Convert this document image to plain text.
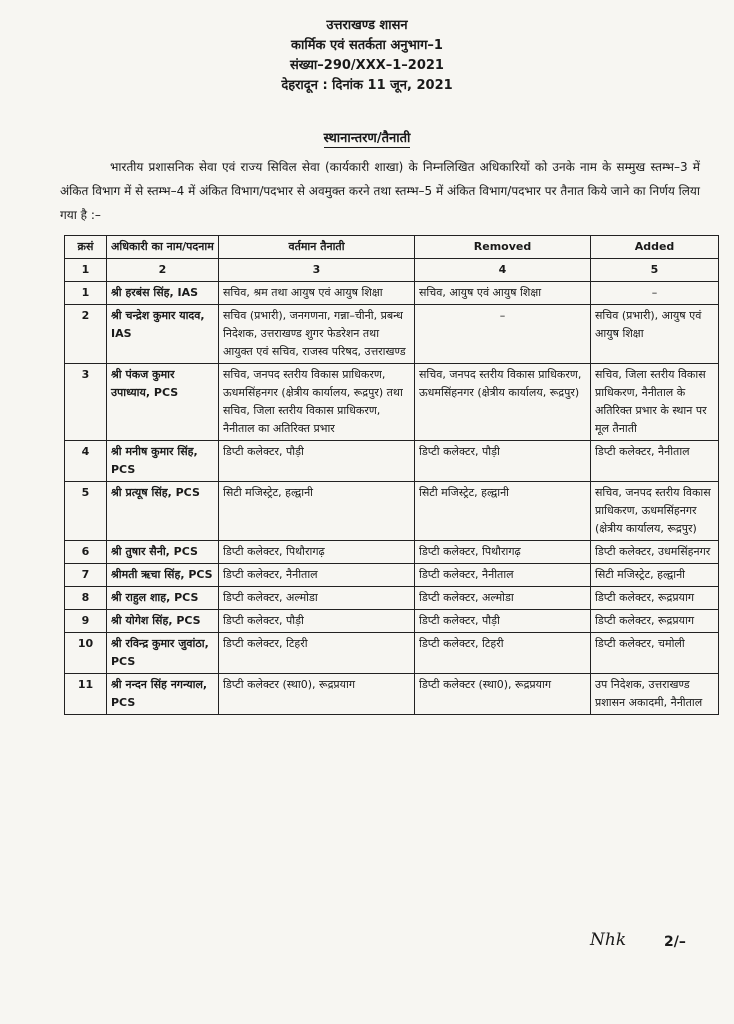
उत्तराखण्ड शासन
कार्मिक एवं सतर्कता अनुभाग–1
संख्या–290/XXX–1–2021
देहरादून : दिनांक 11 जून, 2021
स्थानान्तरण/तैनाती
भारतीय प्रशासनिक सेवा एवं राज्य सिविल सेवा (कार्यकारी शाखा) के निम्नलिखित अधिकारियों को उनके नाम के सम्मुख स्तम्भ–3 में अंकित विभाग में से स्तम्भ–4 में अंकित विभाग/पदभार से अवमुक्त करने तथा स्तम्भ–5 में अंकित विभाग/पदभार पर तैनात किये जाने का निर्णय लिया गया है :–
क्रसं	अधिकारी का नाम/पदनाम	वर्तमान तैनाती	Removed	Added
1	2	3	4	5
1	श्री हरबंस सिंह, IAS	सचिव, श्रम तथा आयुष एवं आयुष शिक्षा	सचिव, आयुष एवं आयुष शिक्षा	–
2	श्री चन्द्रेश कुमार यादव, IAS	सचिव (प्रभारी), जनगणना, गन्ना–चीनी, प्रबन्ध निदेशक, उत्तराखण्ड शुगर फेडरेशन तथा आयुक्त एवं सचिव, राजस्व परिषद, उत्तराखण्ड	–	सचिव (प्रभारी), आयुष एवं आयुष शिक्षा
3	श्री पंकज कुमार उपाध्याय, PCS	सचिव, जनपद स्तरीय विकास प्राधिकरण, ऊधमसिंहनगर (क्षेत्रीय कार्यालय, रूद्रपुर) तथा सचिव, जिला स्तरीय विकास प्राधिकरण, नैनीताल का अतिरिक्त प्रभार	सचिव, जनपद स्तरीय विकास प्राधिकरण, ऊधमसिंहनगर (क्षेत्रीय कार्यालय, रूद्रपुर)	सचिव, जिला स्तरीय विकास प्राधिकरण, नैनीताल के अतिरिक्त प्रभार के स्थान पर मूल तैनाती
4	श्री मनीष कुमार सिंह, PCS	डिप्टी कलेक्टर, पौड़ी	डिप्टी कलेक्टर, पौड़ी	डिप्टी कलेक्टर, नैनीताल
5	श्री प्रत्यूष सिंह, PCS	सिटी मजिस्ट्रेट, हल्द्वानी	सिटी मजिस्ट्रेट, हल्द्वानी	सचिव, जनपद स्तरीय विकास प्राधिकरण, ऊधमसिंहनगर (क्षेत्रीय कार्यालय, रूद्रपुर)
6	श्री तुषार सैनी, PCS	डिप्टी कलेक्टर, पिथौरागढ़	डिप्टी कलेक्टर, पिथौरागढ़	डिप्टी कलेक्टर, उधमसिंहनगर
7	श्रीमती ऋचा सिंह, PCS	डिप्टी कलेक्टर, नैनीताल	डिप्टी कलेक्टर, नैनीताल	सिटी मजिस्ट्रेट, हल्द्वानी
8	श्री राहुल शाह, PCS	डिप्टी कलेक्टर, अल्मोडा	डिप्टी कलेक्टर, अल्मोडा	डिप्टी कलेक्टर, रूद्रप्रयाग
9	श्री योगेश सिंह, PCS	डिप्टी कलेक्टर, पौड़ी	डिप्टी कलेक्टर, पौड़ी	डिप्टी कलेक्टर, रूद्रप्रयाग
10	श्री रविन्द्र कुमार जुवांठा, PCS	डिप्टी कलेक्टर, टिहरी	डिप्टी कलेक्टर, टिहरी	डिप्टी कलेक्टर, चमोली
11	श्री नन्दन सिंह नगन्याल, PCS	डिप्टी कलेक्टर (स्था0), रूद्रप्रयाग	डिप्टी कलेक्टर (स्था0), रूद्रप्रयाग	उप निदेशक, उत्तराखण्ड प्रशासन अकादमी, नैनीताल
Nhk	2/–
